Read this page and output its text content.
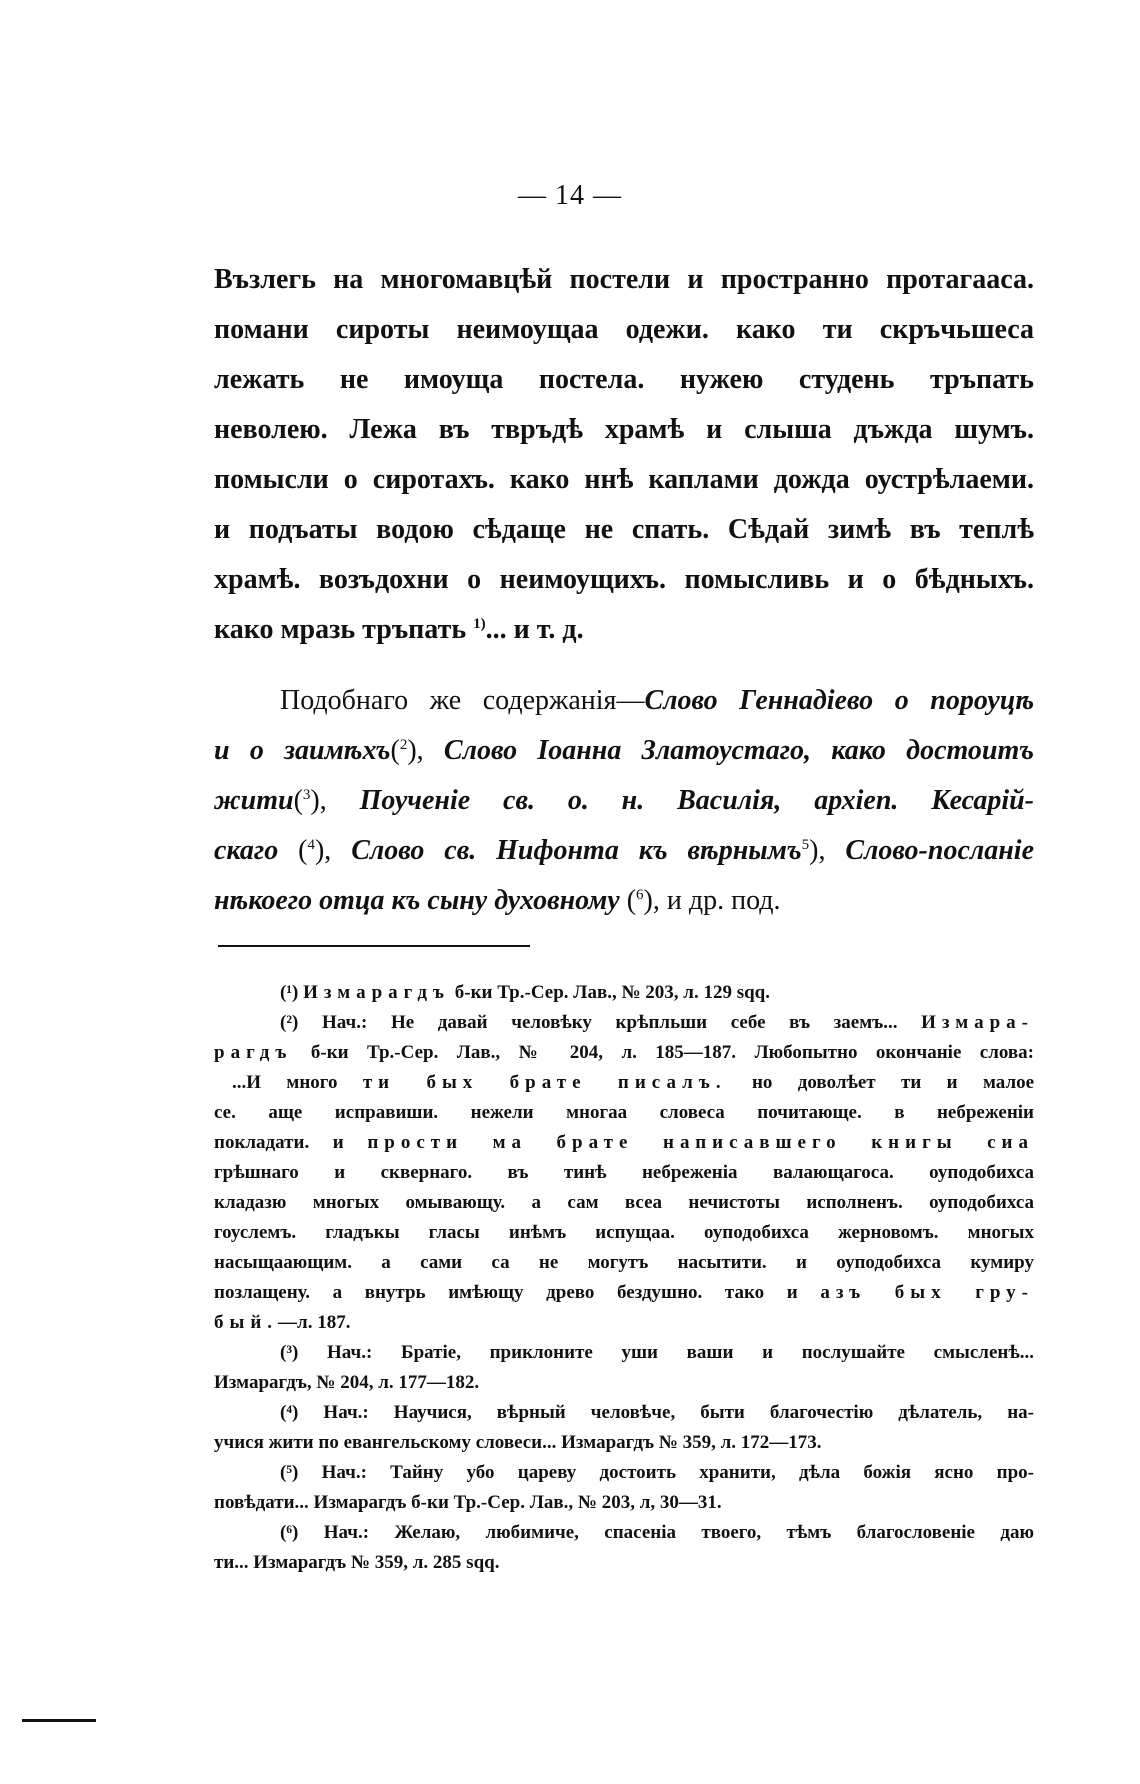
— 14 —
Възлегь на многомавцѣй постели и пространно протагааса.
помани сироты неимоущаа одежи. како ти скръчьшеса
лежать не имоуща постела. нужею студень тръпать
неволею. Лежа въ твръдѣ храмѣ и слыша дъжда шумъ.
помысли о сиротахъ. како ннѣ каплами дожда оустрѣлаеми.
и подъаты водою сѣдаще не спать. Сѣдай зимѣ въ теплѣ
храмѣ. возъдохни о неимоущихъ. помысливь и о бѣдныхъ.
како мразь тръпать $^{1)}$... и т. д.
Подобнаго же содержанія—Слово Геннадіево о пороуцѣ
и о заимѣхъ($^2$), Слово Іоанна Златоустаго, како достоитъ
жити($^3$), Поученіе св. о. н. Василія, архіеп. Кесарій-
скаго ($^4$), Слово св. Нифонта къ вѣрнымъ$^5$), Слово-посланіе
нѣкоего отца къ сыну духовному ($^6$), и др. под.
(¹) Измарагдъ б-ки Тр.-Сер. Лав., № 203, л. 129 sqq.
(²) Нач.: Не давай человѣку крѣпльши себе въ заемъ... Измара-
рагдъ б-ки Тр.-Сер. Лав., № 204, л. 185—187. Любопытно окончаніе слова:
...И много ти бых брате писалъ. но доволѣет ти и малое
се. аще исправиши. нежели многаа словеса почитающе. в небреженіи
покладати. и прости ма брате написавшего книгы сиа
грѣшнаго и сквернаго. въ тинѣ небреженіа валающагоса. оуподобихса
кладазю многых омывающу. а сам всеа нечистоты исполненъ. оуподобихса
гоуслемъ. гладъкы гласы инѣмъ испущаа. оуподобихса жерновомъ. многых
насыщаающим. а сами са не могутъ насытити. и оуподобихса кумиру
позлащену. а внутрь имѣющу древо бездушно. тако и азъ бых гру-
бый.—л. 187.
(³) Нач.: Братіе, приклоните уши ваши и послушайте смысленѣ...
Измарагдъ, № 204, л. 177—182.
(⁴) Нач.: Научися, вѣрный человѣче, быти благочестію дѣлатель, на-
учися жити по евангельскому словеси... Измарагдъ № 359, л. 172—173.
(⁵) Нач.: Тайну убо цареву достоить хранити, дѣла божія ясно про-
повѣдати... Измарагдъ б-ки Тр.-Сер. Лав., № 203, л, 30—31.
(⁶) Нач.: Желаю, любимиче, спасеніа твоего, тѣмъ благословеніе даю
ти... Измарагдъ № 359, л. 285 sqq.
